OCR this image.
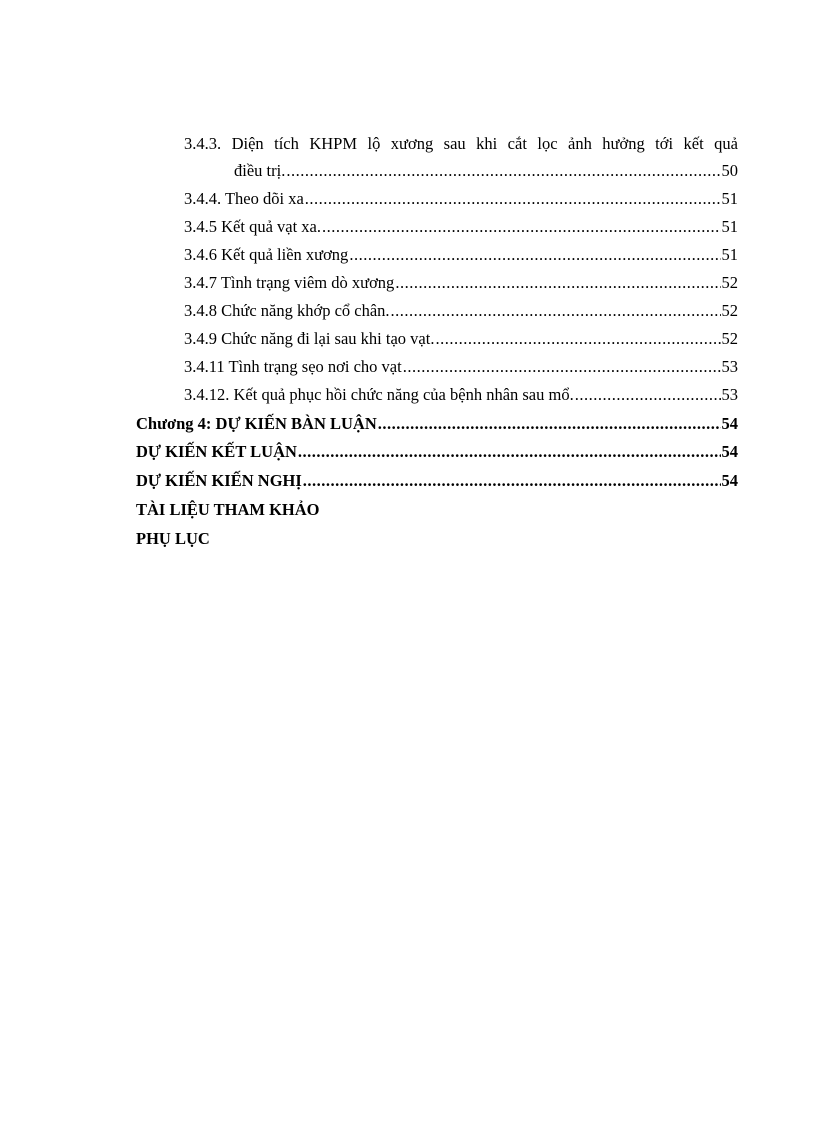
3.4.3. Diện tích KHPM lộ xương sau khi cắt lọc ảnh hưởng tới kết quả
điều trị. .....	50
3.4.4. Theo dõi xa .....	51
3.4.5 Kết quả vạt xa. .....	51
3.4.6 Kết quả liền xương .....	51
3.4.7 Tình trạng viêm dò xương .....	52
3.4.8 Chức năng khớp cổ chân. .....	52
3.4.9 Chức năng đi lại sau khi tạo vạt. .....	52
3.4.11 Tình trạng sẹo nơi cho vạt .....	53
3.4.12. Kết quả phục hồi chức năng của bệnh nhân sau mổ. .....	53
Chương 4: DỰ KIẾN BÀN LUẬN .....	54
DỰ KIẾN KẾT LUẬN .....	54
DỰ KIẾN KIẾN NGHỊ .....	54
TÀI LIỆU THAM KHẢO
PHỤ LỤC
